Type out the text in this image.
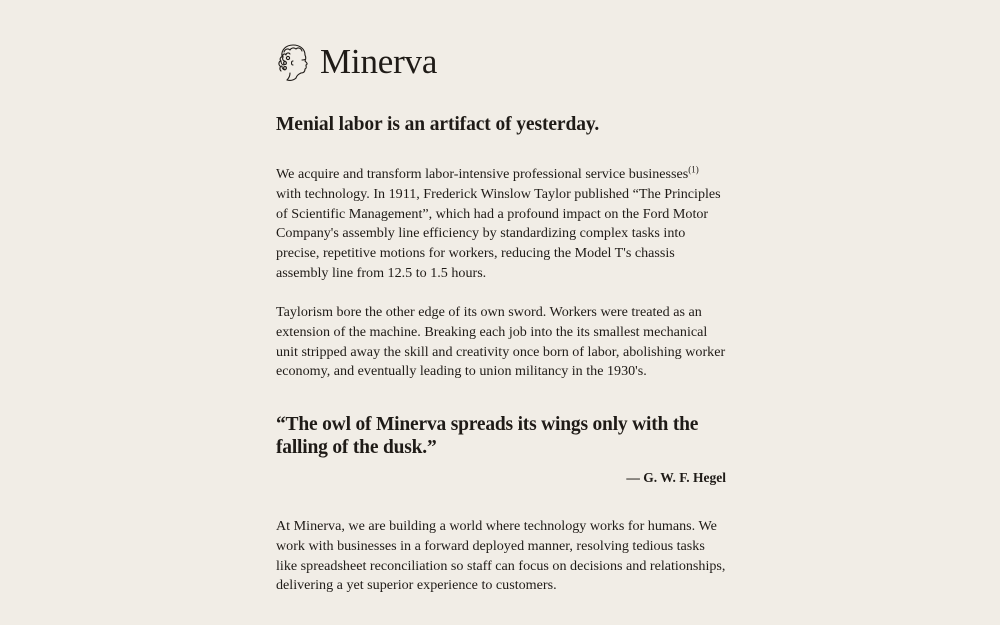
Minerva
Menial labor is an artifact of yesterday.

We acquire and transform labor-intensive professional service businesses$^{(1)}$ with technology. In 1911, Frederick Winslow Taylor published “The Principles of Scientific Management”, which had a profound impact on the Ford Motor Company's assembly line efficiency by standardizing complex tasks into precise, repetitive motions for workers, reducing the Model T's chassis assembly line from 12.5 to 1.5 hours.

Taylorism bore the other edge of its own sword. Workers were treated as an extension of the machine. Breaking each job into the its smallest mechanical unit stripped away the skill and creativity once born of labor, abolishing worker economy, and eventually leading to union militancy in the 1930's.

“The owl of Minerva spreads its wings only with the falling of the dusk.”

— G. W. F. Hegel

At Minerva, we are building a world where technology works for humans. We work with businesses in a forward deployed manner, resolving tedious tasks like spreadsheet reconciliation so staff can focus on decisions and relationships, delivering a yet superior experience to customers.
